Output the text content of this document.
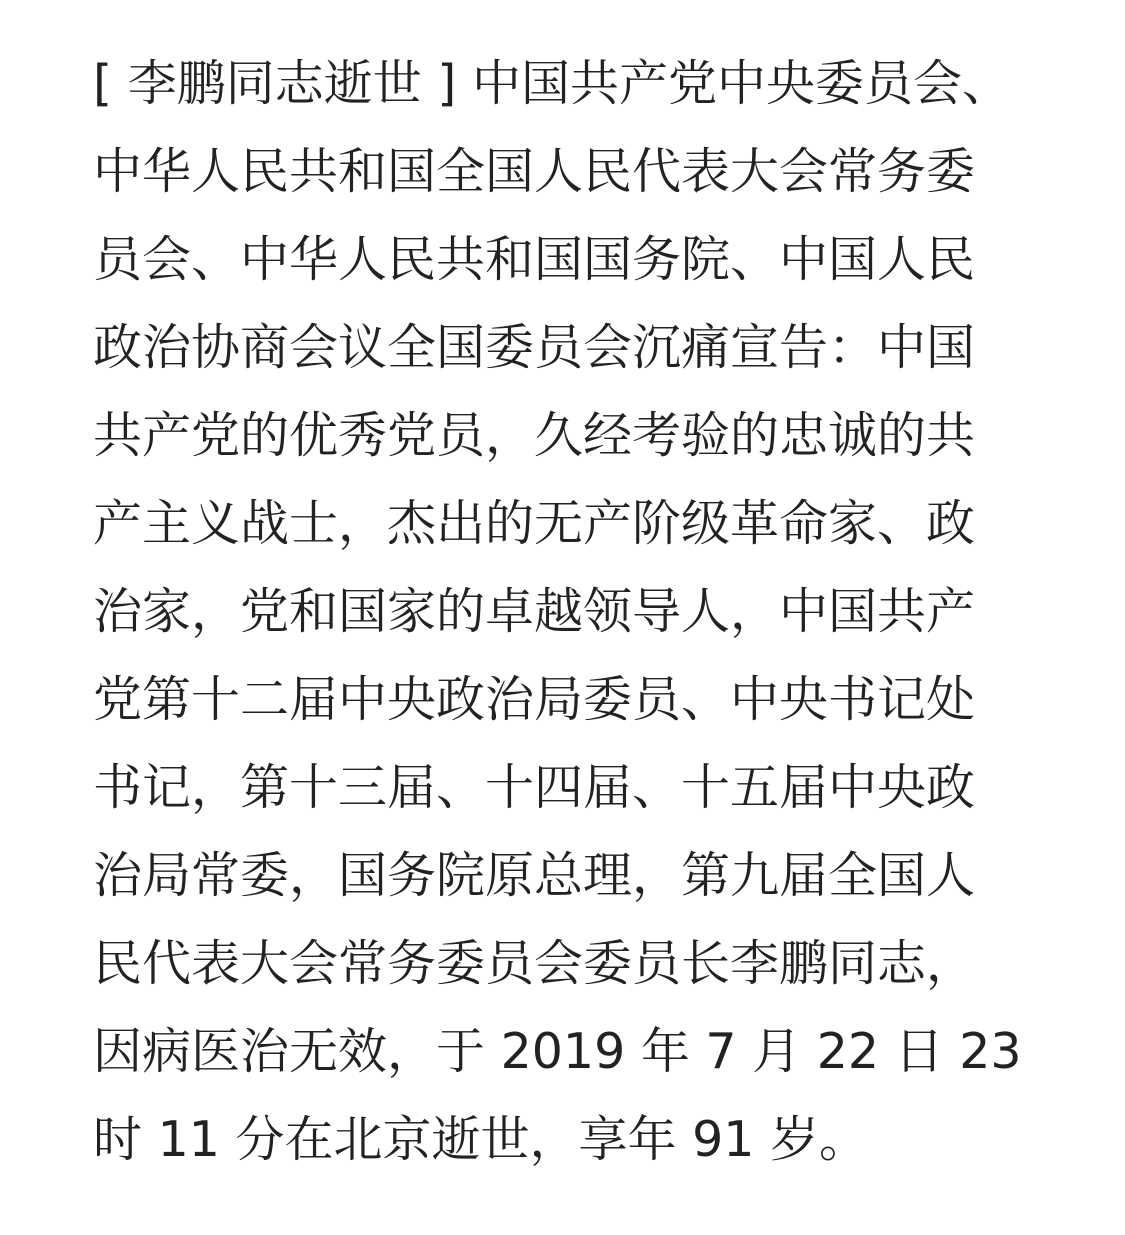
[ 李鹏同志逝世 ] 中国共产党中央委员会、
中华人民共和国全国人民代表大会常务委
员会、中华人民共和国国务院、中国人民
政治协商会议全国委员会沉痛宣告：中国
共产党的优秀党员，久经考验的忠诚的共
产主义战士，杰出的无产阶级革命家、政
治家，党和国家的卓越领导人，中国共产
党第十二届中央政治局委员、中央书记处
书记，第十三届、十四届、十五届中央政
治局常委，国务院原总理，第九届全国人
民代表大会常务委员会委员长李鹏同志，
因病医治无效，于 2019 年 7 月 22 日 23
时 11 分在北京逝世，享年 91 岁。
